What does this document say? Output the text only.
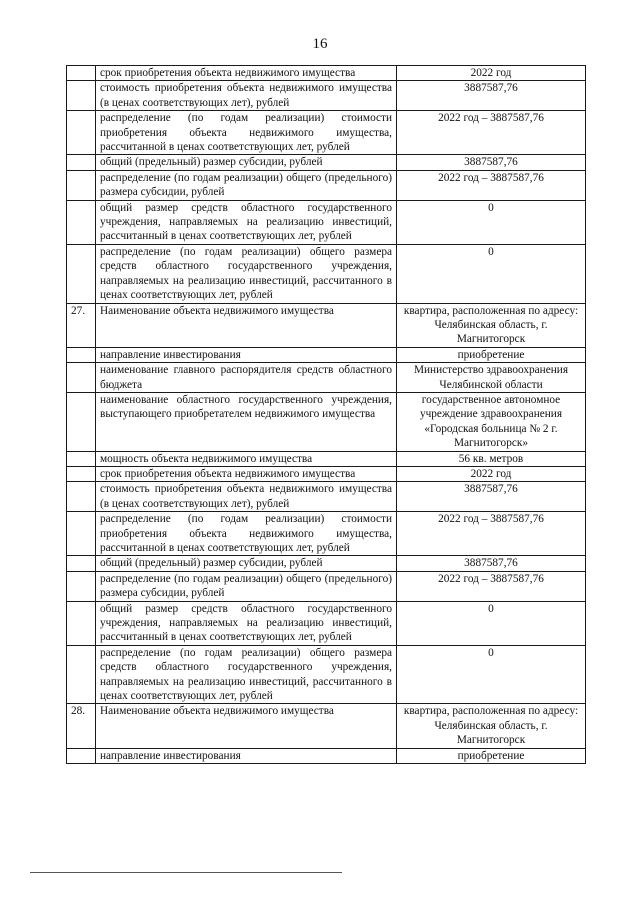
16
	срок приобретения объекта недвижимого имущества	2022 год
	стоимость приобретения объекта недвижимого имущества (в ценах соответствующих лет), рублей	3887587,76
	распределение (по годам реализации) стоимости приобретения объекта недвижимого имущества, рассчитанной в ценах соответствующих лет, рублей	2022 год – 3887587,76
	общий (предельный) размер субсидии, рублей	3887587,76
	распределение (по годам реализации) общего (предельного) размера субсидии, рублей	2022 год – 3887587,76
	общий размер средств областного государственного учреждения, направляемых на реализацию инвестиций, рассчитанный в ценах соответствующих лет, рублей	0
	распределение (по годам реализации) общего размера средств областного государственного учреждения, направляемых на реализацию инвестиций, рассчитанного в ценах соответствующих лет, рублей	0
27.	Наименование объекта недвижимого имущества	квартира, расположенная по адресу: Челябинская область, г. Магнитогорск
	направление инвестирования	приобретение
	наименование главного распорядителя средств областного бюджета	Министерство здравоохранения Челябинской области
	наименование областного государственного учреждения, выступающего приобретателем недвижимого имущества	государственное автономное учреждение здравоохранения «Городская больница № 2 г. Магнитогорск»
	мощность объекта недвижимого имущества	56 кв. метров
	срок приобретения объекта недвижимого имущества	2022 год
	стоимость приобретения объекта недвижимого имущества (в ценах соответствующих лет), рублей	3887587,76
	распределение (по годам реализации) стоимости приобретения объекта недвижимого имущества, рассчитанной в ценах соответствующих лет, рублей	2022 год – 3887587,76
	общий (предельный) размер субсидии, рублей	3887587,76
	распределение (по годам реализации) общего (предельного) размера субсидии, рублей	2022 год – 3887587,76
	общий размер средств областного государственного учреждения, направляемых на реализацию инвестиций, рассчитанный в ценах соответствующих лет, рублей	0
	распределение (по годам реализации) общего размера средств областного государственного учреждения, направляемых на реализацию инвестиций, рассчитанного в ценах соответствующих лет, рублей	0
28.	Наименование объекта недвижимого имущества	квартира, расположенная по адресу: Челябинская область, г. Магнитогорск
	направление инвестирования	приобретение
